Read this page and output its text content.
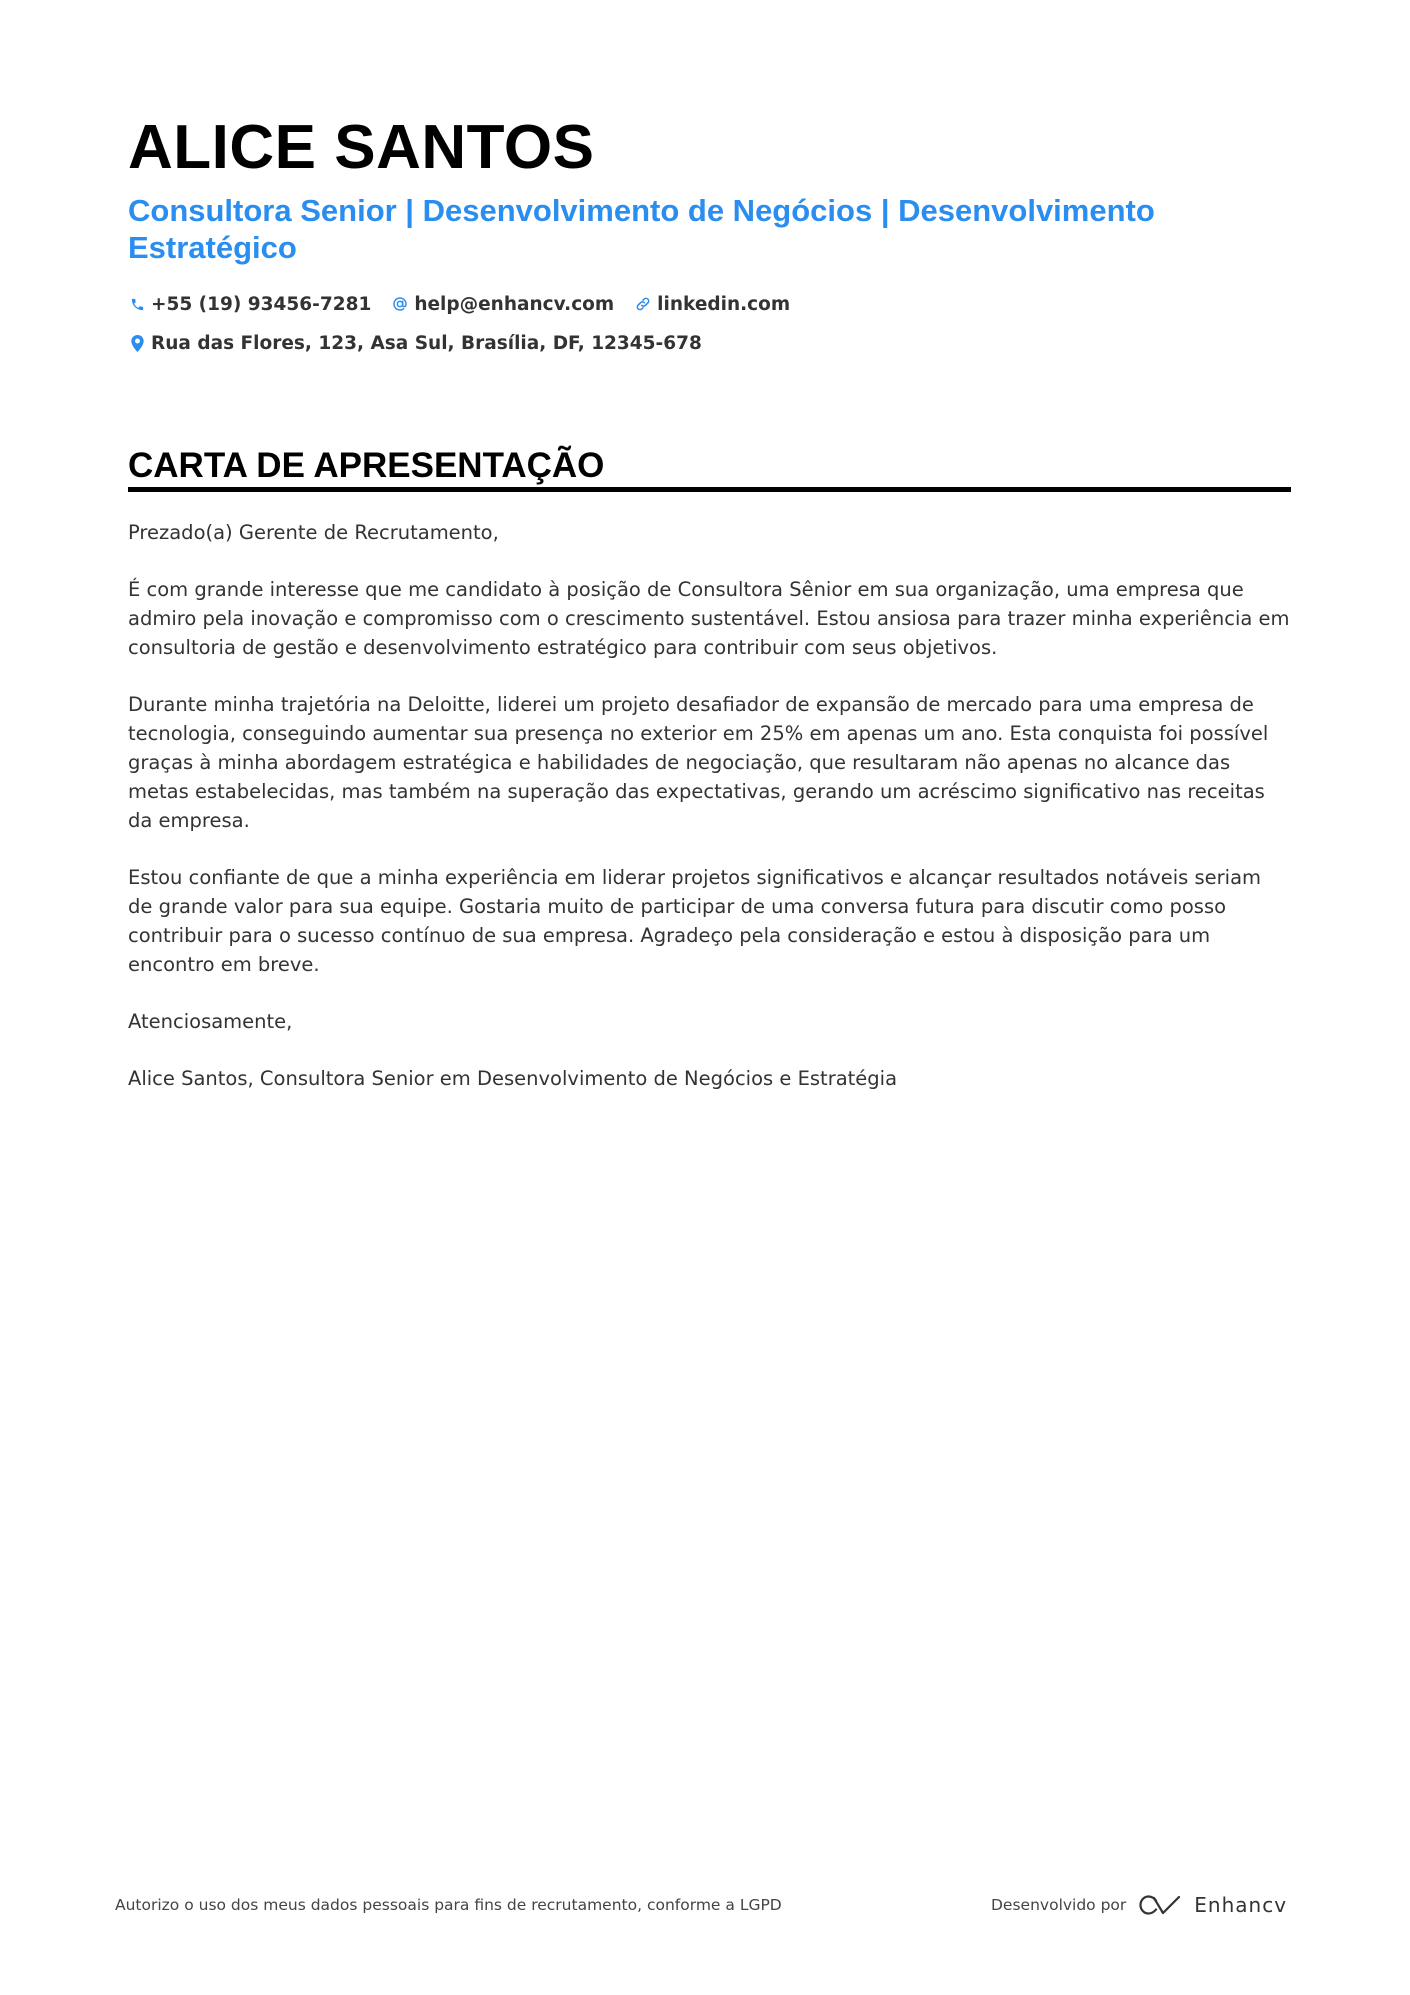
ALICE SANTOS
Consultora Senior | Desenvolvimento de Negócios | Desenvolvimento Estratégico
+55 (19) 93456-7281 help@enhancv.com linkedin.com
Rua das Flores, 123, Asa Sul, Brasília, DF, 12345-678
CARTA DE APRESENTAÇÃO

Prezado(a) Gerente de Recrutamento,

É com grande interesse que me candidato à posição de Consultora Sênior em sua organização, uma empresa que admiro pela inovação e compromisso com o crescimento sustentável. Estou ansiosa para trazer minha experiência em consultoria de gestão e desenvolvimento estratégico para contribuir com seus objetivos.

Durante minha trajetória na Deloitte, liderei um projeto desafiador de expansão de mercado para uma empresa de tecnologia, conseguindo aumentar sua presença no exterior em 25% em apenas um ano. Esta conquista foi possível graças à minha abordagem estratégica e habilidades de negociação, que resultaram não apenas no alcance das metas estabelecidas, mas também na superação das expectativas, gerando um acréscimo significativo nas receitas da empresa.

Estou confiante de que a minha experiência em liderar projetos significativos e alcançar resultados notáveis seriam de grande valor para sua equipe. Gostaria muito de participar de uma conversa futura para discutir como posso contribuir para o sucesso contínuo de sua empresa. Agradeço pela consideração e estou à disposição para um encontro em breve.

Atenciosamente,

Alice Santos, Consultora Senior em Desenvolvimento de Negócios e Estratégia

Autorizo o uso dos meus dados pessoais para fins de recrutamento, conforme a LGPD	Desenvolvido por	Enhancv
